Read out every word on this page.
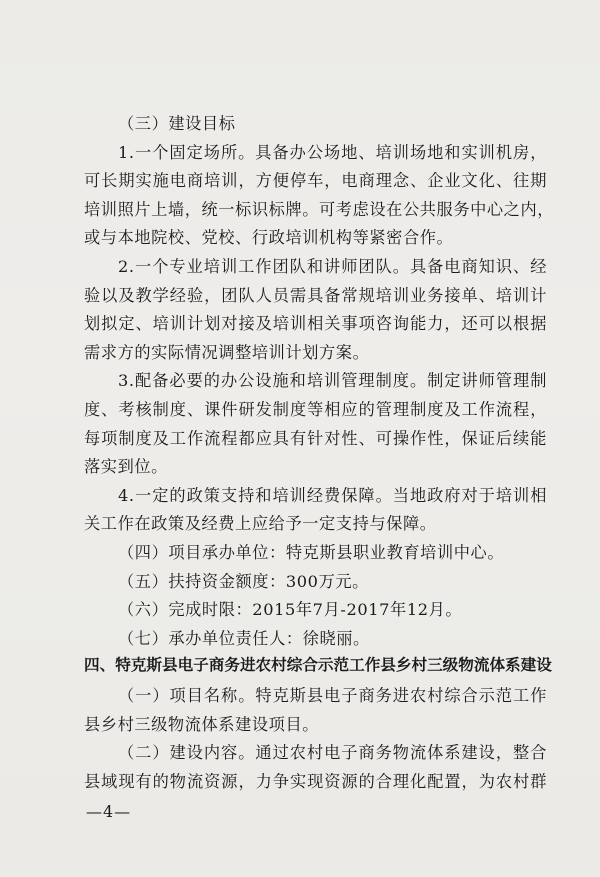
（三）建设目标
1.一个固定场所。具备办公场地、培训场地和实训机房，
可长期实施电商培训，方便停车，电商理念、企业文化、往期
培训照片上墙，统一标识标牌。可考虑设在公共服务中心之内，
或与本地院校、党校、行政培训机构等紧密合作。
2.一个专业培训工作团队和讲师团队。具备电商知识、经
验以及教学经验，团队人员需具备常规培训业务接单、培训计
划拟定、培训计划对接及培训相关事项咨询能力，还可以根据
需求方的实际情况调整培训计划方案。
3.配备必要的办公设施和培训管理制度。制定讲师管理制
度、考核制度、课件研发制度等相应的管理制度及工作流程，
每项制度及工作流程都应具有针对性、可操作性，保证后续能
落实到位。
4.一定的政策支持和培训经费保障。当地政府对于培训相
关工作在政策及经费上应给予一定支持与保障。
（四）项目承办单位：特克斯县职业教育培训中心。
（五）扶持资金额度：300万元。
（六）完成时限：2015年7月-2017年12月。
（七）承办单位责任人：徐晓丽。
四、特克斯县电子商务进农村综合示范工作县乡村三级物流体系建设
（一）项目名称。特克斯县电子商务进农村综合示范工作
县乡村三级物流体系建设项目。
（二）建设内容。通过农村电子商务物流体系建设，整合
县域现有的物流资源，力争实现资源的合理化配置，为农村群
—4—
